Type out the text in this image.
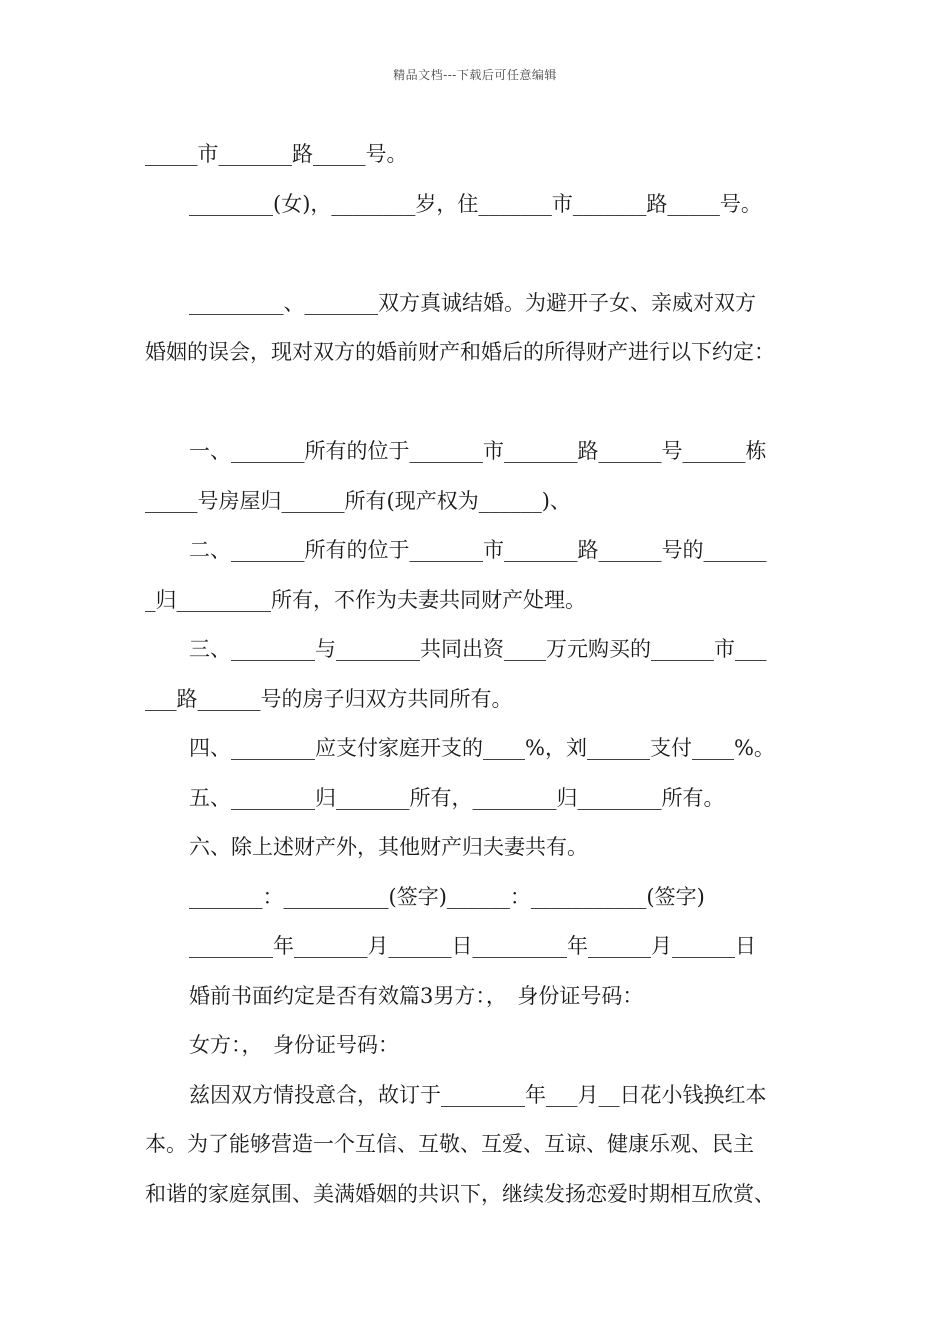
精品文档---下载后可任意编辑
_____市_______路_____号。
________(女)，________岁，住_______市_______路_____号。
_________、_______双方真诚结婚。为避开子女、亲威对双方
婚姻的误会，现对双方的婚前财产和婚后的所得财产进行以下约定：
一、_______所有的位于_______市_______路______号______栋
_____号房屋归______所有(现产权为______)、
二、_______所有的位于_______市_______路______号的______
_归_________所有，不作为夫妻共同财产处理。
三、________与________共同出资____万元购买的______市___
___路______号的房子归双方共同所有。
四、________应支付家庭开支的____%，刘______支付____%。
五、________归_______所有，________归________所有。
六、除上述财产外，其他财产归夫妻共有。
_______：__________(签字)______：___________(签字)
________年_______月______日_________年______月______日
婚前书面约定是否有效篇3男方：，　身份证号码：
女方：，　身份证号码：
兹因双方情投意合，故订于________年___月__日花小钱换红本
本。为了能够营造一个互信、互敬、互爱、互谅、健康乐观、民主
和谐的家庭氛围、美满婚姻的共识下，继续发扬恋爱时期相互欣赏、
